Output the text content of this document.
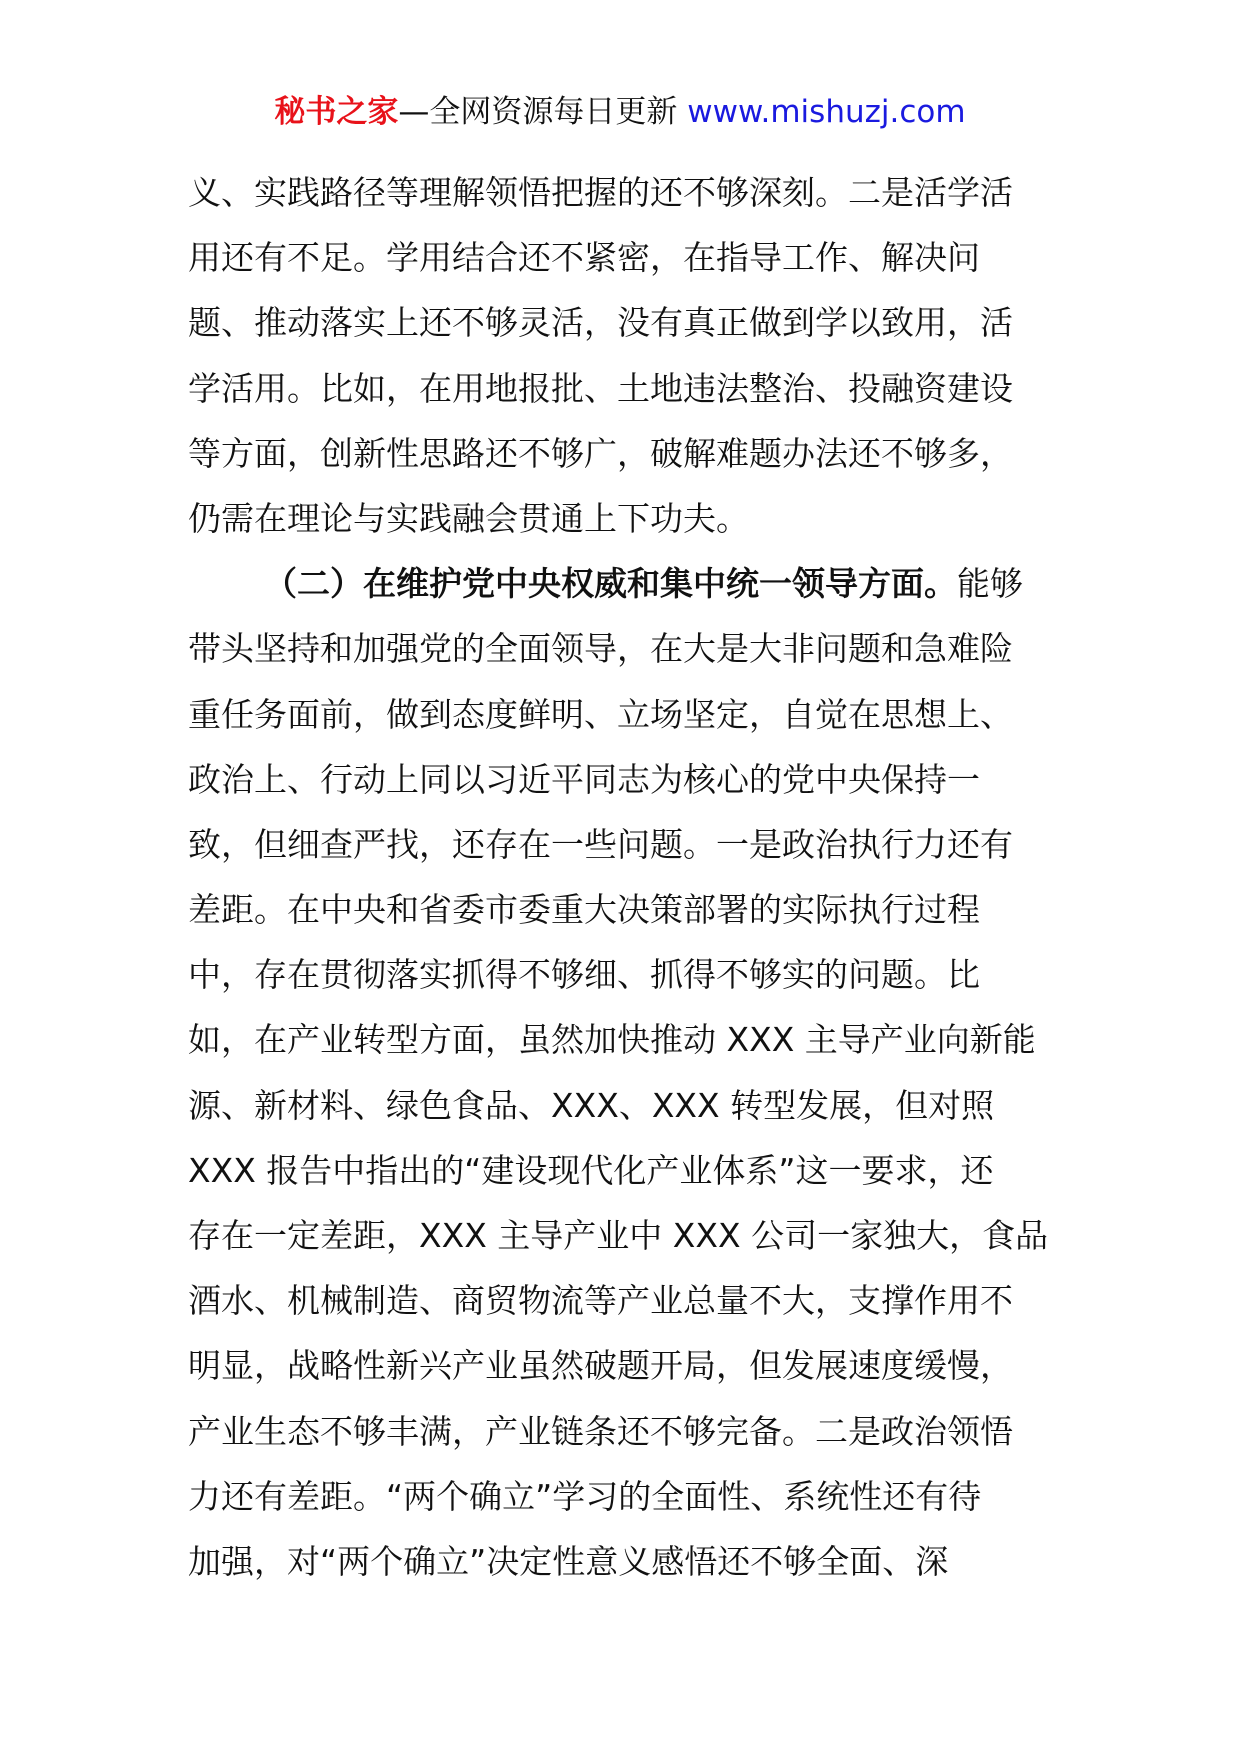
秘书之家—全网资源每日更新 www.mishuzj.com
义、实践路径等理解领悟把握的还不够深刻。二是活学活
用还有不足。学用结合还不紧密，在指导工作、解决问
题、推动落实上还不够灵活，没有真正做到学以致用，活
学活用。比如，在用地报批、土地违法整治、投融资建设
等方面，创新性思路还不够广，破解难题办法还不够多，
仍需在理论与实践融会贯通上下功夫。
（二）在维护党中央权威和集中统一领导方面。能够
带头坚持和加强党的全面领导，在大是大非问题和急难险
重任务面前，做到态度鲜明、立场坚定，自觉在思想上、
政治上、行动上同以习近平同志为核心的党中央保持一
致，但细查严找，还存在一些问题。一是政治执行力还有
差距。在中央和省委市委重大决策部署的实际执行过程
中，存在贯彻落实抓得不够细、抓得不够实的问题。比
如，在产业转型方面，虽然加快推动 XXX 主导产业向新能
源、新材料、绿色食品、XXX、XXX 转型发展，但对照
XXX 报告中指出的“建设现代化产业体系”这一要求，还
存在一定差距，XXX 主导产业中 XXX 公司一家独大，食品
酒水、机械制造、商贸物流等产业总量不大，支撑作用不
明显，战略性新兴产业虽然破题开局，但发展速度缓慢，
产业生态不够丰满，产业链条还不够完备。二是政治领悟
力还有差距。“两个确立”学习的全面性、系统性还有待
加强，对“两个确立”决定性意义感悟还不够全面、深
